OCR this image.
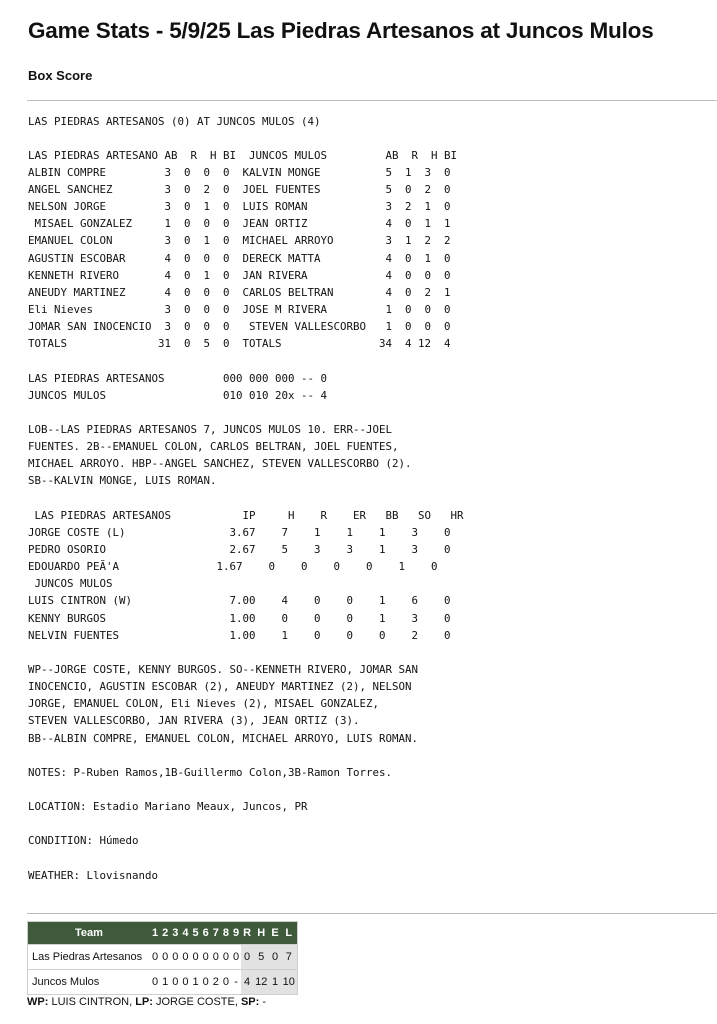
Game Stats - 5/9/25 Las Piedras Artesanos at Juncos Mulos
Box Score
LAS PIEDRAS ARTESANOS (0) AT JUNCOS MULOS (4)
LAS PIEDRAS ARTESANO AB  R  H BI  JUNCOS MULOS         AB  R  H BI
ALBIN COMPRE         3  0  0  0  KALVIN MONGE          5  1  3  0
ANGEL SANCHEZ        3  0  2  0  JOEL FUENTES          5  0  2  0
NELSON JORGE         3  0  1  0  LUIS ROMAN            3  2  1  0
MISAEL GONZALEZ     1  0  0  0  JEAN ORTIZ            4  0  1  1
EMANUEL COLON        3  0  1  0  MICHAEL ARROYO        3  1  2  2
AGUSTIN ESCOBAR      4  0  0  0  DERECK MATTA          4  0  1  0
KENNETH RIVERO       4  0  1  0  JAN RIVERA            4  0  0  0
ANEUDY MARTINEZ      4  0  0  0  CARLOS BELTRAN        4  0  2  1
Eli Nieves           3  0  0  0  JOSE M RIVERA         1  0  0  0
JOMAR SAN INOCENCIO  3  0  0  0   STEVEN VALLESCORBO   1  0  0  0
TOTALS              31  0  5  0  TOTALS               34  4 12  4
LAS PIEDRAS ARTESANOS         000 000 000 -- 0
JUNCOS MULOS                  010 010 20x -- 4
LOB--LAS PIEDRAS ARTESANOS 7, JUNCOS MULOS 10. ERR--JOEL
FUENTES. 2B--EMANUEL COLON, CARLOS BELTRAN, JOEL FUENTES,
MICHAEL ARROYO. HBP--ANGEL SANCHEZ, STEVEN VALLESCORBO (2).
SB--KALVIN MONGE, LUIS ROMAN.
LAS PIEDRAS ARTESANOS           IP     H    R    ER   BB   SO   HR
JORGE COSTE (L)                3.67    7    1    1    1    3    0
PEDRO OSORIO                   2.67    5    3    3    1    3    0
EDOUARDO PEÃ'A               1.67    0    0    0    0    1    0
JUNCOS MULOS
LUIS CINTRON (W)               7.00    4    0    0    1    6    0
KENNY BURGOS                   1.00    0    0    0    1    3    0
NELVIN FUENTES                 1.00    1    0    0    0    2    0
WP--JORGE COSTE, KENNY BURGOS. SO--KENNETH RIVERO, JOMAR SAN
INOCENCIO, AGUSTIN ESCOBAR (2), ANEUDY MARTINEZ (2), NELSON
JORGE, EMANUEL COLON, Eli Nieves (2), MISAEL GONZALEZ,
STEVEN VALLESCORBO, JAN RIVERA (3), JEAN ORTIZ (3).
BB--ALBIN COMPRE, EMANUEL COLON, MICHAEL ARROYO, LUIS ROMAN.
NOTES: P-Ruben Ramos,1B-Guillermo Colon,3B-Ramon Torres.
LOCATION: Estadio Mariano Meaux, Juncos, PR
CONDITION: Húmedo
WEATHER: Llovisnando
Team	1	2	3	4	5	6	7	8	9	R	H	E	L
Las Piedras Artesanos	0	0	0	0	0	0	0	0	0	0	5	0	7
Juncos Mulos	0	1	0	0	1	0	2	0	-	4	12	1	10
WP: LUIS CINTRON, LP: JORGE COSTE, SP: -
